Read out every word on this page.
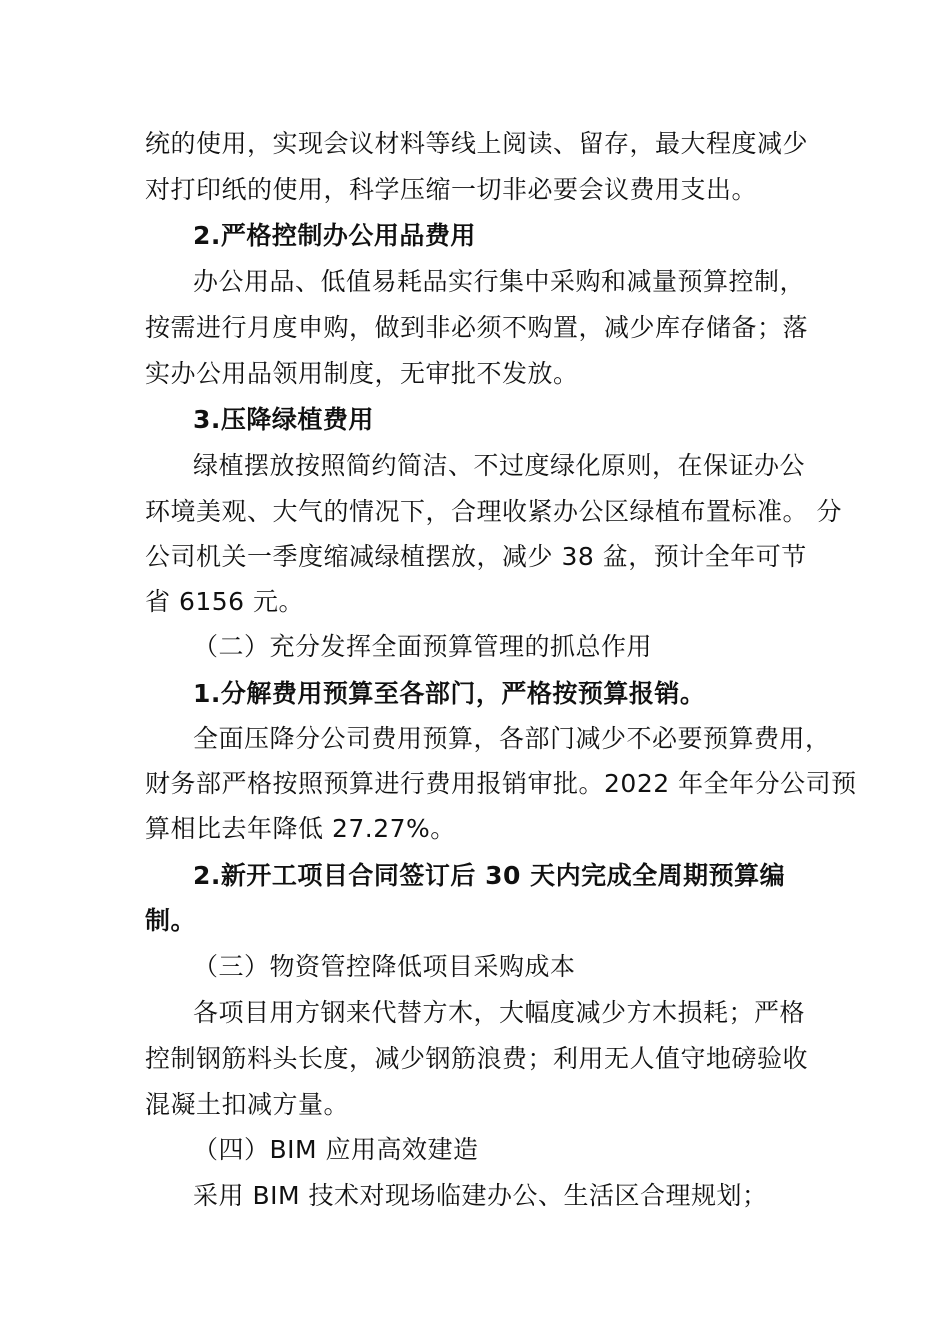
统的使用，实现会议材料等线上阅读、留存，最大程度减少
对打印纸的使用，科学压缩一切非必要会议费用支出。
2.严格控制办公用品费用
办公用品、低值易耗品实行集中采购和减量预算控制，
按需进行月度申购，做到非必须不购置，减少库存储备；落
实办公用品领用制度，无审批不发放。
3.压降绿植费用
绿植摆放按照简约简洁、不过度绿化原则，在保证办公
环境美观、大气的情况下，合理收紧办公区绿植布置标准。 分
公司机关一季度缩减绿植摆放，减少 38 盆，预计全年可节
省 6156 元。
（二）充分发挥全面预算管理的抓总作用
1.分解费用预算至各部门，严格按预算报销。
全面压降分公司费用预算，各部门减少不必要预算费用，
财务部严格按照预算进行费用报销审批。2022 年全年分公司预
算相比去年降低 27.27%。
2.新开工项目合同签订后 30 天内完成全周期预算编
制。
（三）物资管控降低项目采购成本
各项目用方钢来代替方木，大幅度减少方木损耗；严格
控制钢筋料头长度，减少钢筋浪费；利用无人值守地磅验收
混凝土扣减方量。
（四）BIM 应用高效建造
采用 BIM 技术对现场临建办公、生活区合理规划；
